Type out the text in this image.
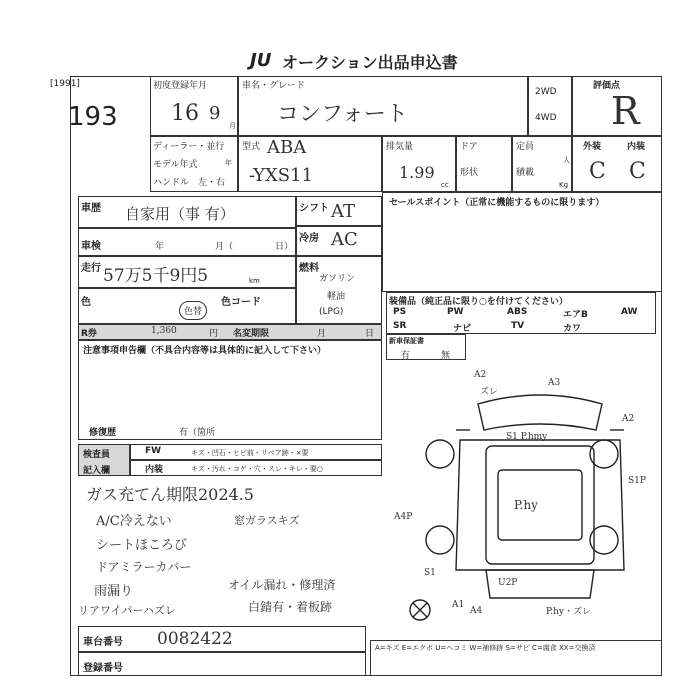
JU オークション出品申込書
[1991]
193
初度登録年月
16 9
月
車名・グレード
コンフォート
2WD
4WD
評価点
R
ディーラー・並行
モデル年式	年
ハンドル　左・右
型式 ABA
-YXS11
排気量
1.99
cc
ドア
形状
定員
人
積載
Kg
外装	内装
C C
車歴 自家用（事 有）
車検	年	月（	日）
走行 57万5千9円5	km
色
色替
色コード
シフト AT
冷房 AC
燃料
ガソリン
軽油
(LPG)
セールスポイント（正常に機能するものに限ります）
装備品（純正品に限り○を付けてください）
PS	PW	ABS	エアB	AW
SR	ナビ	TV	カワ
R券	1,360	円 名変期限	月	日
新車保証書
有	無
注意事項申告欄（不具合内容等は具体的に記入して下さい）
修復歴	有（箇所
検査員
記入欄
FW	キズ・凹石・ヒビ前・リペア跡・×要
内装	キズ・汚れ・コゲ・穴・スレ・キレ・要○
ガス充てん期限2024.5
A/C冷えない
シートほころび
ドアミラーカバー
雨漏り
リアワイパーハズレ
窓ガラスキズ
オイル漏れ・修理済
白錆有・着板跡
車台番号 0082422
登録番号
A=キズ E=エクボ U=ヘコミ W=補修跡 S=サビ C=腐食 XX=交換済
A2
ズレ
A3
A2
S1 P.hmy
S1P
P.hy
A4P
U2P
S1
A1
A4	P.hy・ズレ
